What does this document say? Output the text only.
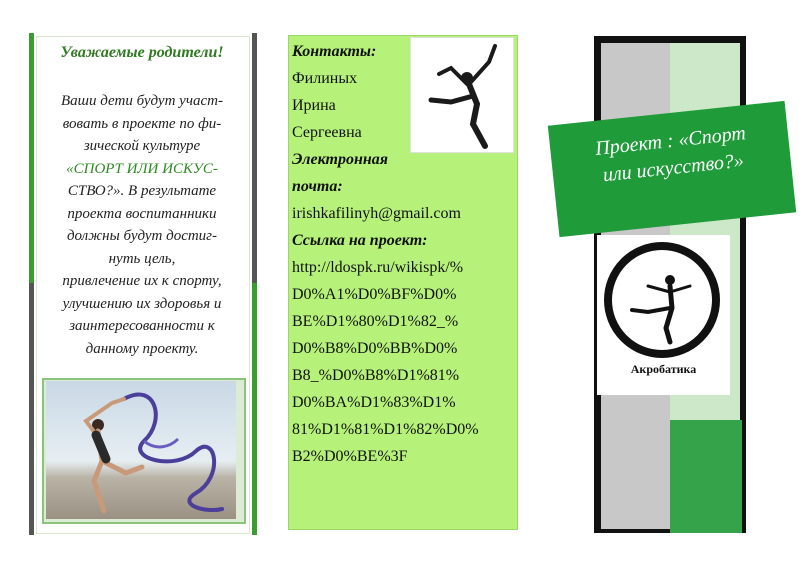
Уважаемые родители!
Ваши дети будут участ-
вовать в проекте по фи-
зической культуре
«СПОРТ ИЛИ ИСКУС-
СТВО?». В результате
проекта воспитанники
должны будут достиг-
нуть цель,
привлечение их к спорту,
улучшению их здоровья и
заинтересованности к
данному проекту.
Контакты:
Филиных
Ирина
Сергеевна
Электронная
почта:
irishkafilinyh@gmail.com
Ссылка на проект:
http://ldospk.ru/wikispk/%
D0%A1%D0%BF%D0%
BE%D1%80%D1%82_%
D0%B8%D0%BB%D0%
B8_%D0%B8%D1%81%
D0%BA%D1%83%D1%
81%D1%81%D1%82%D0%
B2%D0%BE%3F
Проект : «Спорт
или искусство?»
Акробатика
